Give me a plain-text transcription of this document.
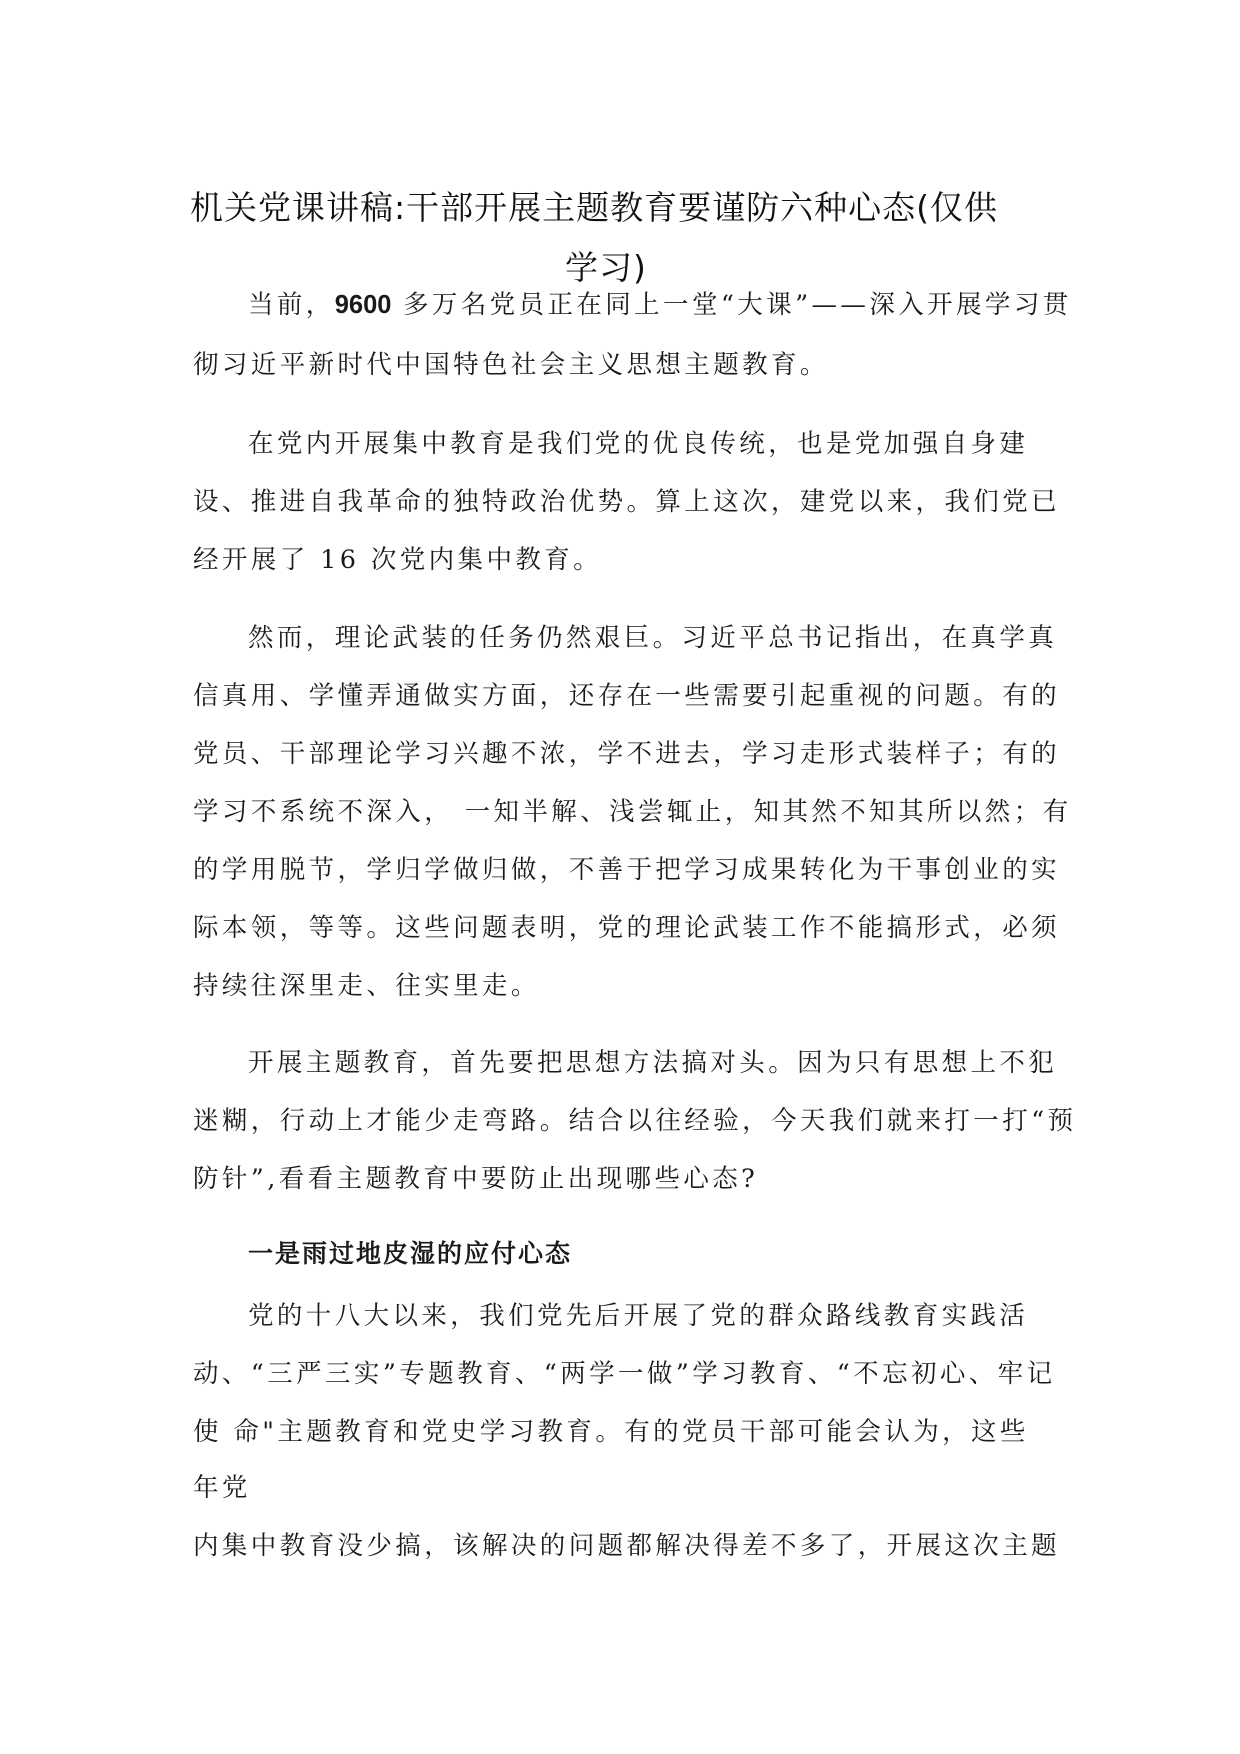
机关党课讲稿:干部开展主题教育要谨防六种心态(仅供
学习)
当前，9600 多万名党员正在同上一堂“大课”——深入开展学习贯
彻习近平新时代中国特色社会主义思想主题教育。
在党内开展集中教育是我们党的优良传统，也是党加强自身建
设、推进自我革命的独特政治优势。算上这次，建党以来，我们党已
经开展了 16 次党内集中教育。
然而，理论武装的任务仍然艰巨。习近平总书记指出，在真学真
信真用、学懂弄通做实方面，还存在一些需要引起重视的问题。有的
党员、干部理论学习兴趣不浓，学不进去，学习走形式装样子；有的
学习不系统不深入， 一知半解、浅尝辄止，知其然不知其所以然；有
的学用脱节，学归学做归做，不善于把学习成果转化为干事创业的实
际本领，等等。这些问题表明，党的理论武装工作不能搞形式，必须
持续往深里走、往实里走。
开展主题教育，首先要把思想方法搞对头。因为只有思想上不犯
迷糊，行动上才能少走弯路。结合以往经验，今天我们就来打一打“预
防针”,看看主题教育中要防止出现哪些心态?
一是雨过地皮湿的应付心态
党的十八大以来，我们党先后开展了党的群众路线教育实践活
动、“三严三实”专题教育、“两学一做”学习教育、“不忘初心、牢记
使 命"主题教育和党史学习教育。有的党员干部可能会认为，这些
年党
内集中教育没少搞，该解决的问题都解决得差不多了，开展这次主题
